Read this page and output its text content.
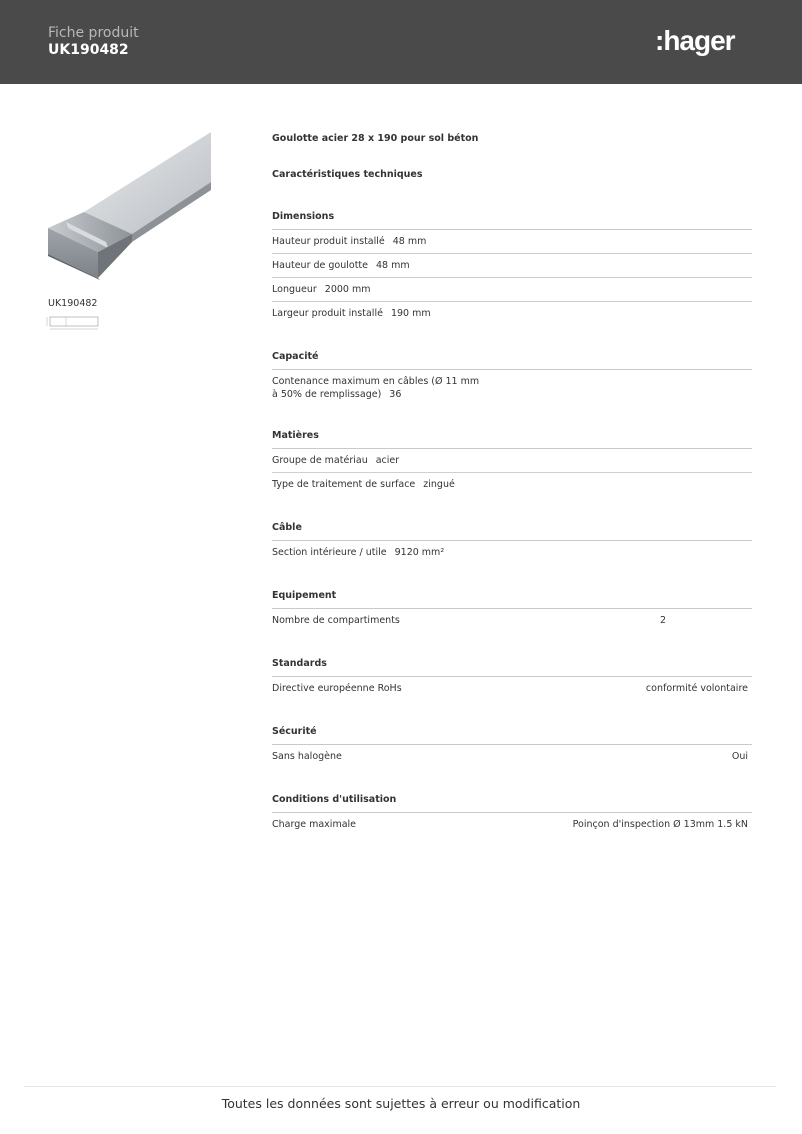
Fiche produit
UK190482	:hager
UK190482
Goulotte acier 28 x 190 pour sol béton
Caractéristiques techniques
Dimensions
Hauteur produit installé 48 mm
Hauteur de goulotte 48 mm
Longueur 2000 mm
Largeur produit installé 190 mm
Capacité
Contenance maximum en câbles (Ø 11 mm
à 50% de remplissage) 36
Matières
Groupe de matériau acier
Type de traitement de surface zingué
Câble
Section intérieure / utile 9120 mm²
Equipement
Nombre de compartiments	2
Standards
Directive européenne RoHs	conformité volontaire
Sécurité
Sans halogène	Oui
Conditions d'utilisation
Charge maximale	Poinçon d'inspection Ø 13mm 1.5 kN
Toutes les données sont sujettes à erreur ou modification
